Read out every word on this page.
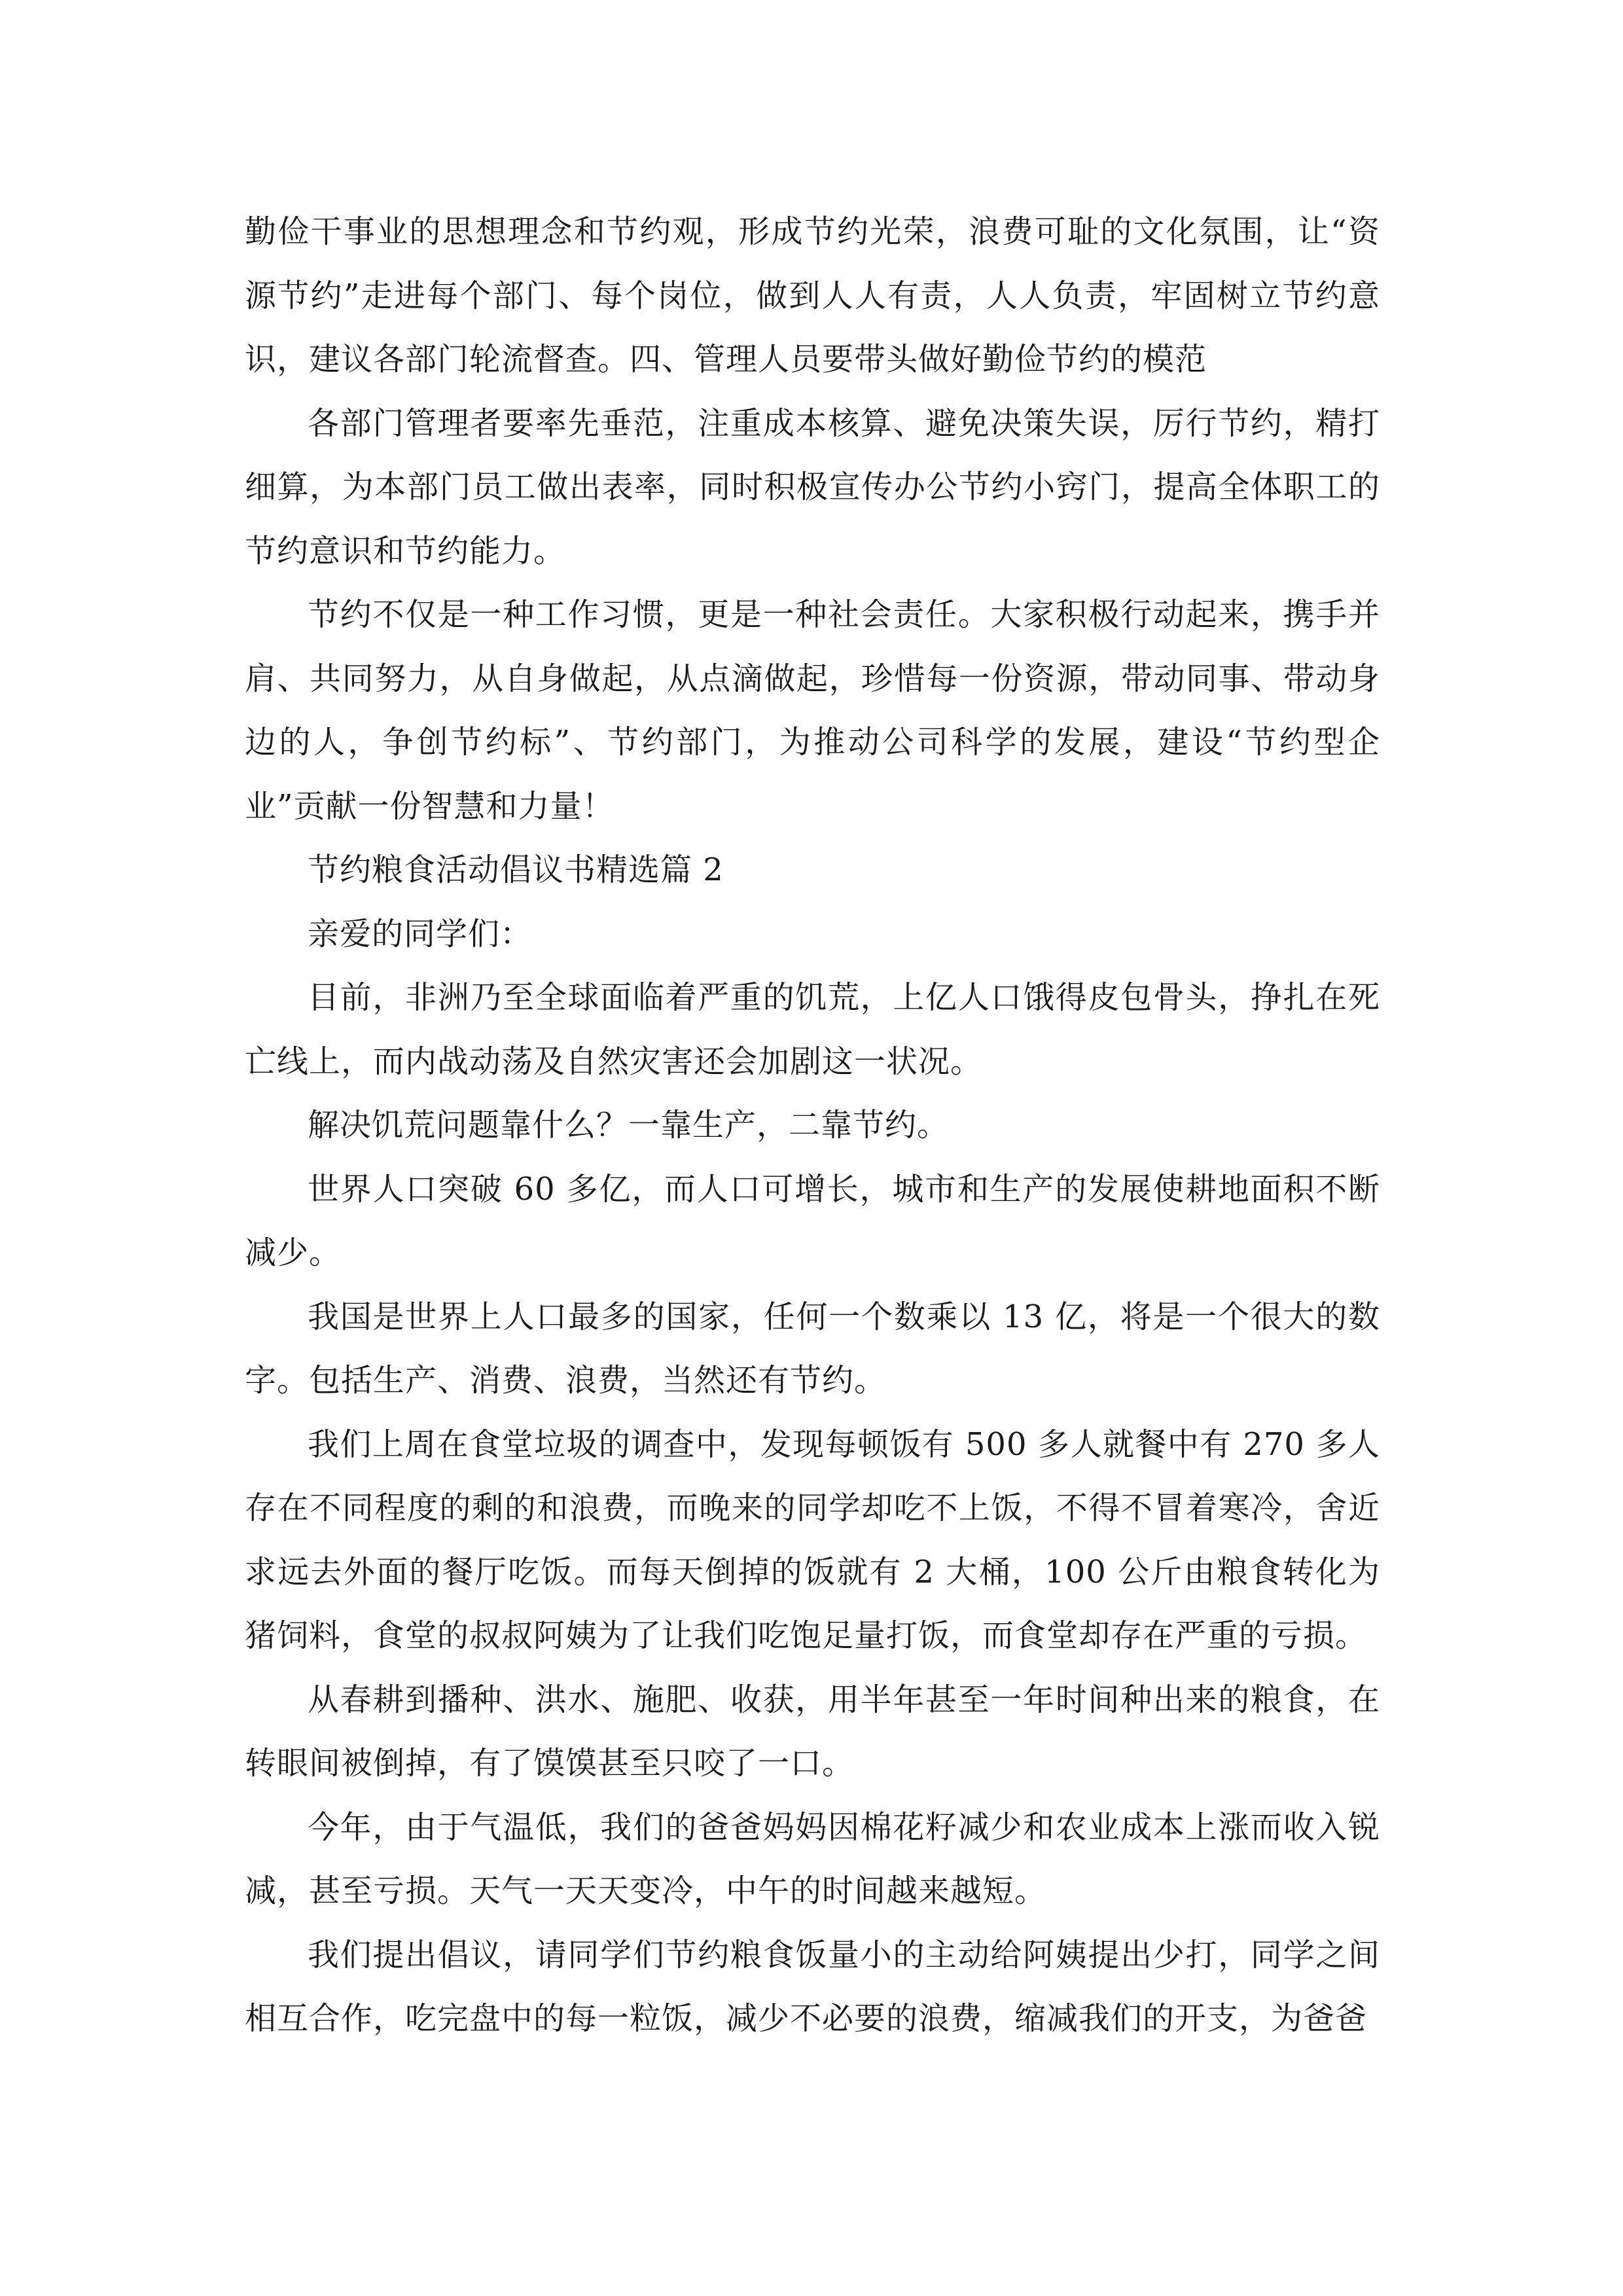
勤俭干事业的思想理念和节约观，形成节约光荣，浪费可耻的文化氛围，让“资源节约”走进每个部门、每个岗位，做到人人有责，人人负责，牢固树立节约意识，建议各部门轮流督查。四、管理人员要带头做好勤俭节约的模范

各部门管理者要率先垂范，注重成本核算、避免决策失误，厉行节约，精打细算，为本部门员工做出表率，同时积极宣传办公节约小窍门，提高全体职工的节约意识和节约能力。

节约不仅是一种工作习惯，更是一种社会责任。大家积极行动起来，携手并肩、共同努力，从自身做起，从点滴做起，珍惜每一份资源，带动同事、带动身边的人，争创节约标”、节约部门，为推动公司科学的发展，建设“节约型企业”贡献一份智慧和力量！

节约粮食活动倡议书精选篇 2

亲爱的同学们：

目前，非洲乃至全球面临着严重的饥荒，上亿人口饿得皮包骨头，挣扎在死亡线上，而内战动荡及自然灾害还会加剧这一状况。

解决饥荒问题靠什么？一靠生产，二靠节约。

世界人口突破 60 多亿，而人口可增长，城市和生产的发展使耕地面积不断减少。

我国是世界上人口最多的国家，任何一个数乘以 13 亿，将是一个很大的数字。包括生产、消费、浪费，当然还有节约。

我们上周在食堂垃圾的调查中，发现每顿饭有 500 多人就餐中有 270 多人存在不同程度的剩的和浪费，而晚来的同学却吃不上饭，不得不冒着寒冷，舍近求远去外面的餐厅吃饭。而每天倒掉的饭就有 2 大桶，100 公斤由粮食转化为猪饲料，食堂的叔叔阿姨为了让我们吃饱足量打饭，而食堂却存在严重的亏损。

从春耕到播种、洪水、施肥、收获，用半年甚至一年时间种出来的粮食，在转眼间被倒掉，有了馍馍甚至只咬了一口。

今年，由于气温低，我们的爸爸妈妈因棉花籽减少和农业成本上涨而收入锐减，甚至亏损。天气一天天变冷，中午的时间越来越短。

我们提出倡议，请同学们节约粮食饭量小的主动给阿姨提出少打，同学之间相互合作，吃完盘中的每一粒饭，减少不必要的浪费，缩减我们的开支，为爸爸
